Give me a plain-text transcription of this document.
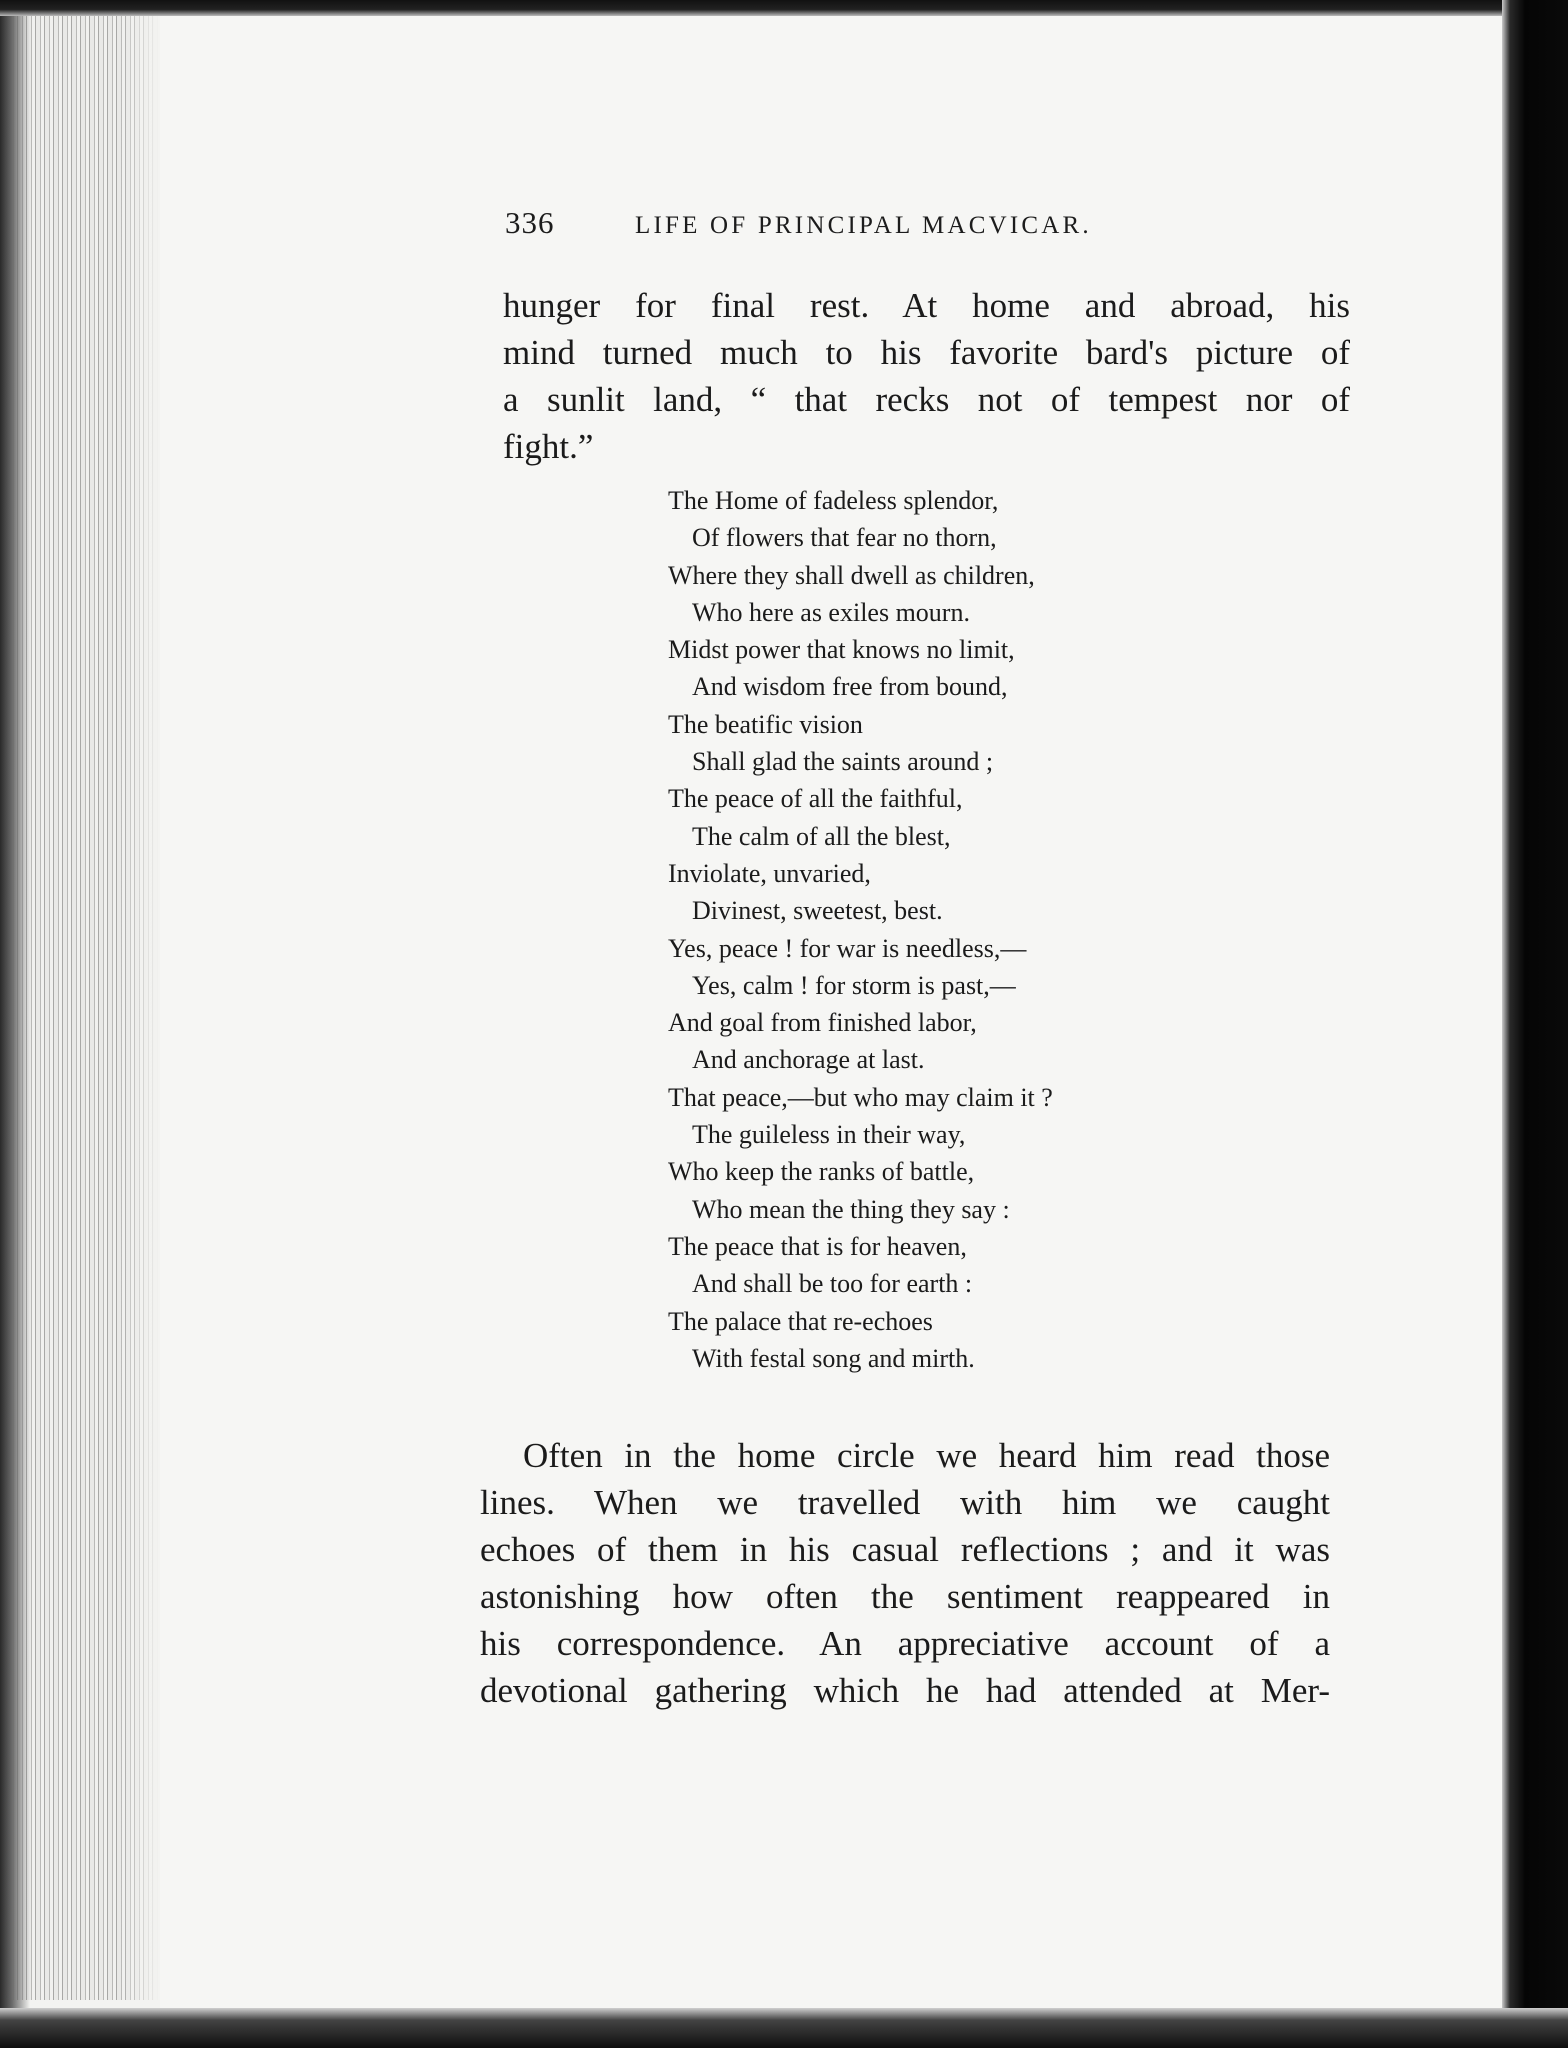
336	LIFE OF PRINCIPAL MACVICAR.
hunger for final rest. At home and abroad, his
mind turned much to his favorite bard's picture of
a sunlit land, “ that recks not of tempest nor of
fight.”
The Home of fadeless splendor,
Of flowers that fear no thorn,
Where they shall dwell as children,
Who here as exiles mourn.
Midst power that knows no limit,
And wisdom free from bound,
The beatific vision
Shall glad the saints around ;
The peace of all the faithful,
The calm of all the blest,
Inviolate, unvaried,
Divinest, sweetest, best.
Yes, peace ! for war is needless,—
Yes, calm ! for storm is past,—
And goal from finished labor,
And anchorage at last.
That peace,—but who may claim it ?
The guileless in their way,
Who keep the ranks of battle,
Who mean the thing they say :
The peace that is for heaven,
And shall be too for earth :
The palace that re-echoes
With festal song and mirth.
Often in the home circle we heard him read those
lines. When we travelled with him we caught
echoes of them in his casual reflections ; and it was
astonishing how often the sentiment reappeared in
his correspondence. An appreciative account of a
devotional gathering which he had attended at Mer-
